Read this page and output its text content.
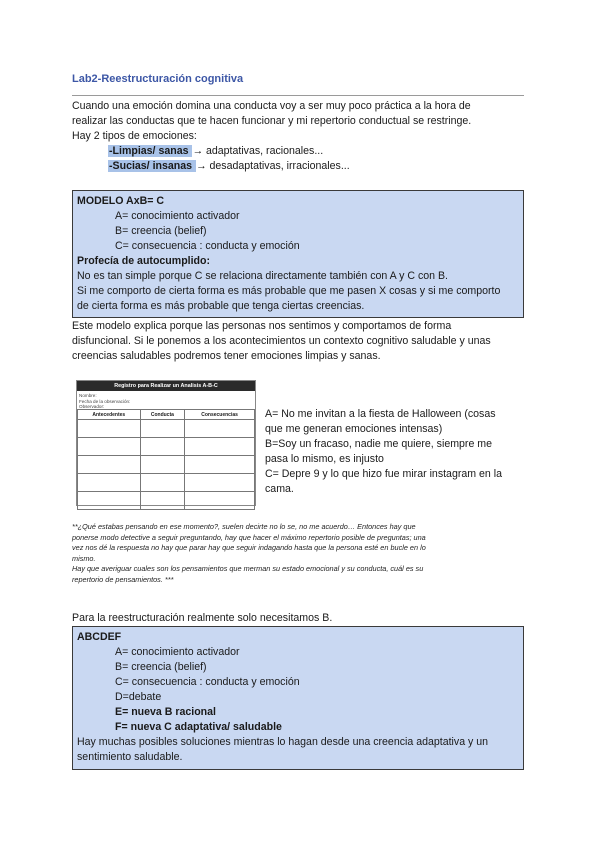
Lab2-Reestructuración cognitiva
Cuando una emoción domina una conducta voy a ser muy poco práctica a la hora de
realizar las conductas que te hacen funcionar y mi repertorio conductual se restringe.
Hay 2 tipos de emociones:
-Limpias/ sanas → adaptativas, racionales...
-Sucias/ insanas → desadaptativas, irracionales...
MODELO AxB= C
A= conocimiento activador
B= creencia (belief)
C= consecuencia : conducta y emoción
Profecía de autocumplido:
No es tan simple porque C se relaciona directamente también con A y C con B.
Si me comporto de cierta forma es más probable que me pasen X cosas y si me comporto
de cierta forma es más probable que tenga ciertas creencias.
Este modelo explica porque las personas nos sentimos y comportamos de forma
disfuncional. Si le ponemos a los acontecimientos un contexto cognitivo saludable y unas
creencias saludables podremos tener emociones limpias y sanas.
Registro para Realizar un Analisis A-B-C
Nombre:
Fecha de la observación:
Observador:
Antecedentes	Conducta	Consecuencias

			A= No me invitan a la fiesta de Halloween (cosas
que me generan emociones intensas)
B=Soy un fracaso, nadie me quiere, siempre me
pasa lo mismo, es injusto
C= Depre 9 y lo que hizo fue mirar instagram en la
cama.
**¿Qué estabas pensando en ese momento?, suelen decirte no lo se, no me acuerdo… Entonces hay que
ponerse modo detective a seguir preguntando, hay que hacer el máximo repertorio posible de preguntas; una
vez nos dé la respuesta no hay que parar hay que seguir indagando hasta que la persona esté en bucle en lo
mismo.
Hay que averiguar cuales son los pensamientos que merman su estado emocional y su conducta, cuál es su
repertorio de pensamientos. ***
Para la reestructuración realmente solo necesitamos B.
ABCDEF
A= conocimiento activador
B= creencia (belief)
C= consecuencia : conducta y emoción
D=debate
E= nueva B racional
F= nueva C adaptativa/ saludable
Hay muchas posibles soluciones mientras lo hagan desde una creencia adaptativa y un
sentimiento saludable.
